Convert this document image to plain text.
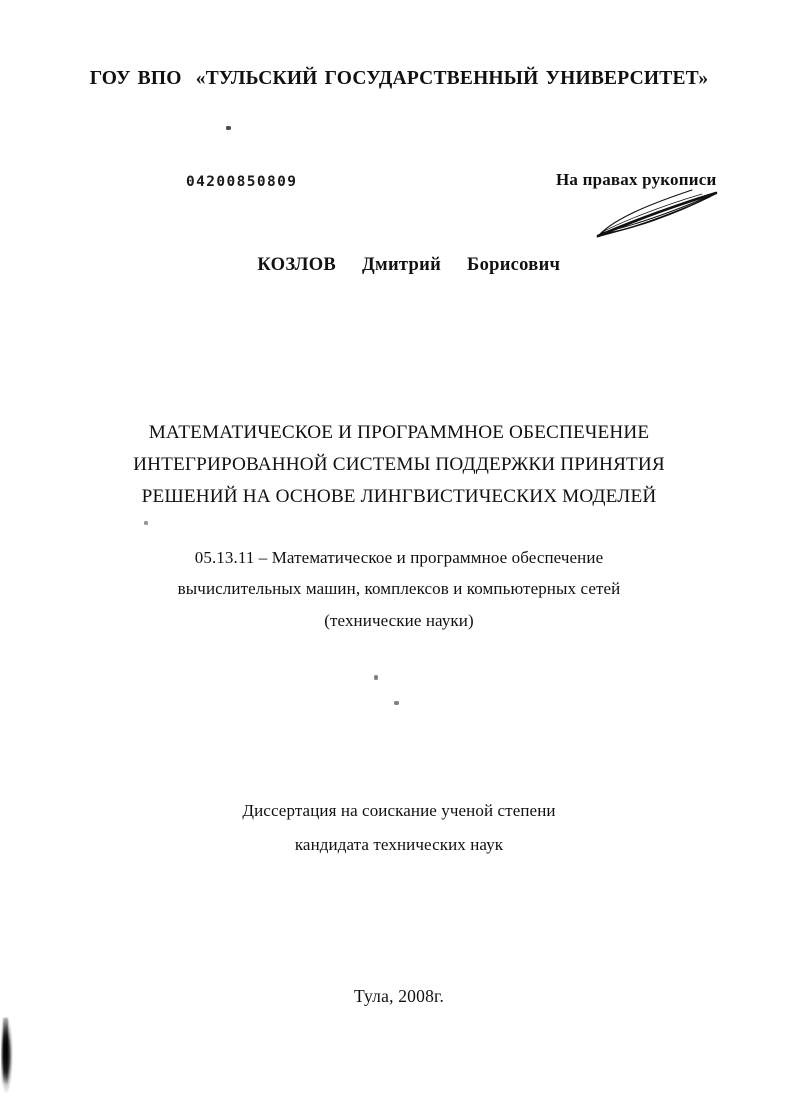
ГОУ ВПО  «ТУЛЬСКИЙ ГОСУДАРСТВЕННЫЙ УНИВЕРСИТЕТ»
04200850809	На правах рукописи

КОЗЛОВ Дмитрий Борисович

МАТЕМАТИЧЕСКОЕ И ПРОГРАММНОЕ ОБЕСПЕЧЕНИЕ
ИНТЕГРИРОВАННОЙ СИСТЕМЫ ПОДДЕРЖКИ ПРИНЯТИЯ
РЕШЕНИЙ НА ОСНОВЕ ЛИНГВИСТИЧЕСКИХ МОДЕЛЕЙ
05.13.11 – Математическое и программное обеспечение
вычислительных машин, комплексов и компьютерных сетей
(технические науки)
Диссертация на соискание ученой степени
кандидата технических наук
Тула, 2008г.
